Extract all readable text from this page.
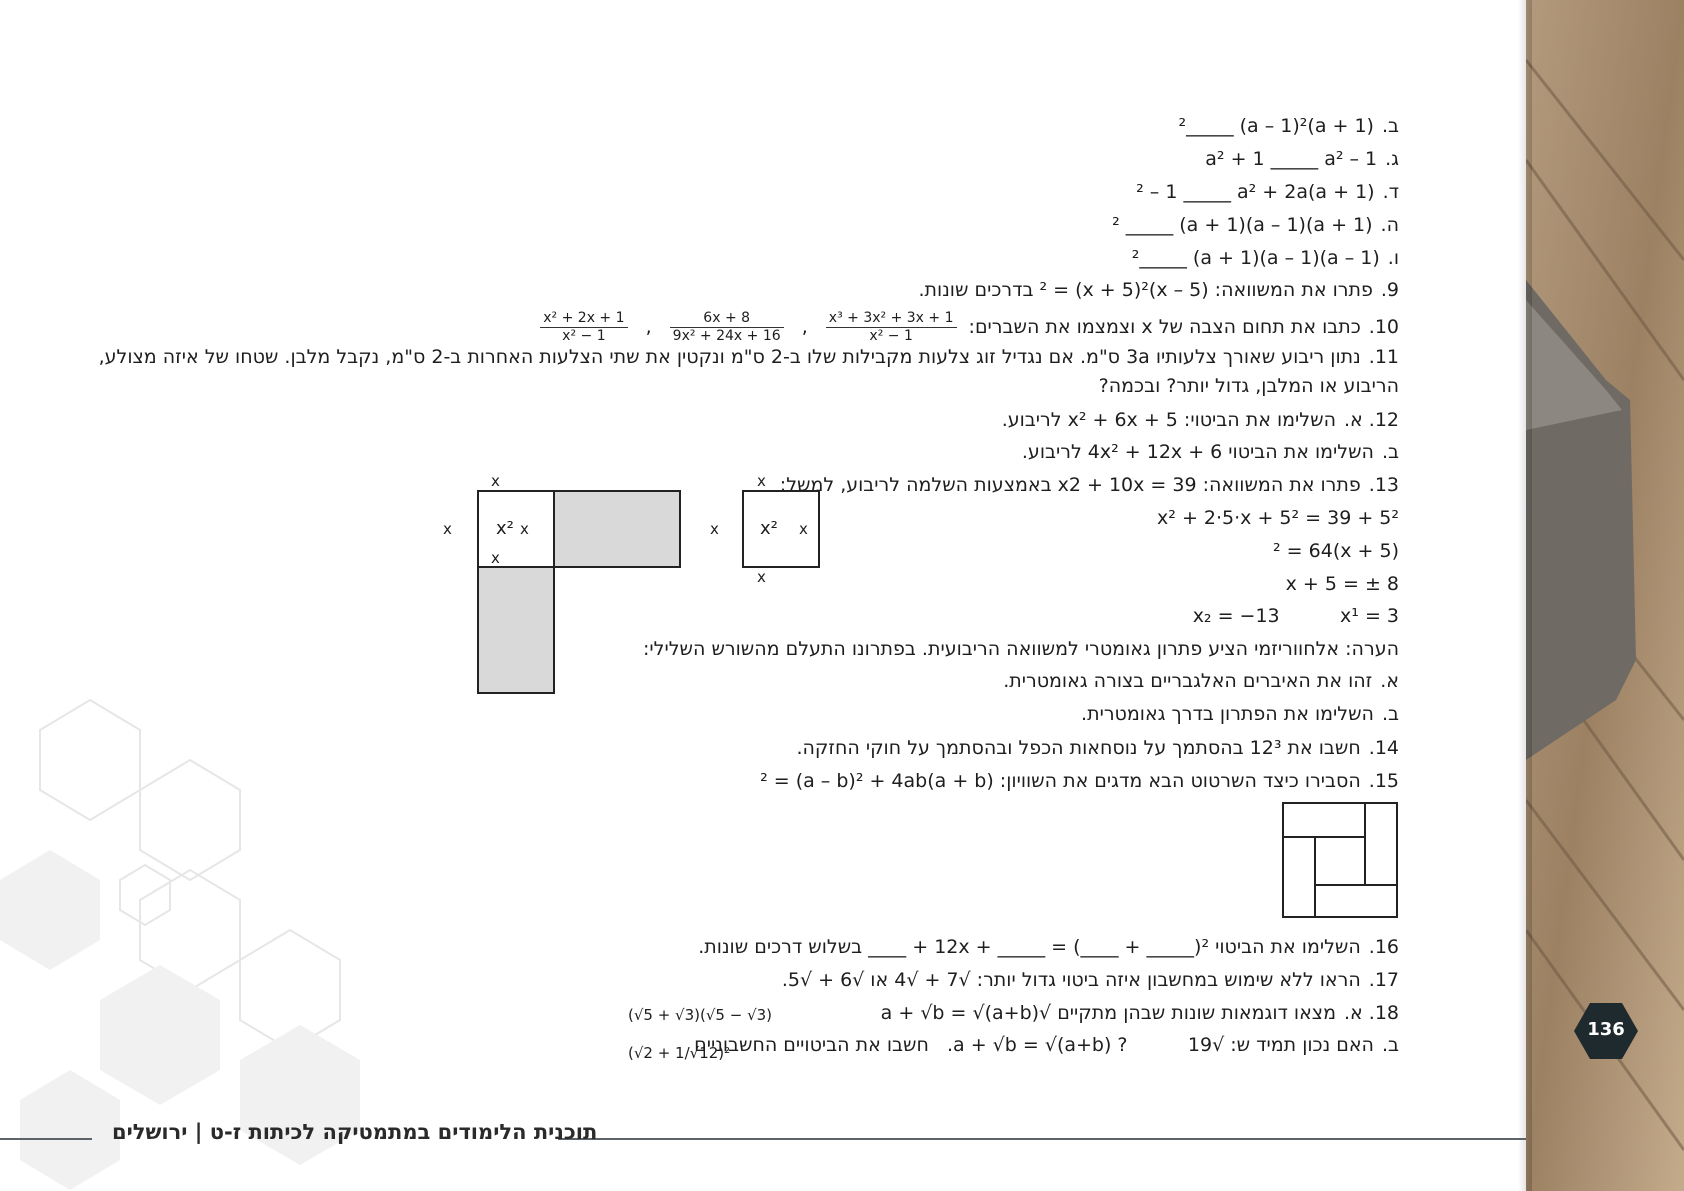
ב.(a + 1)²_____ (a – 1)²
ג.a² + 1 _____ a² – 1
ד.(a + 1)² – 1 _____ a² + 2a
ה.(a + 1)² _____ (a + 1)(a – 1)
ו.(a – 1)²_____ (a + 1)(a – 1)
9.פתרו את המשוואה: (x – 5)² = (x + 5)² בדרכים שונות.
10.כתבו את תחום הצבה של x וצמצמו את השברים:
$\frac{\text{x³ + 3x² + 3x + 1}}{\text{x² − 1}}$
,
$\frac{6x + 8}{\text{9x² + 24x + 16}}$
,
$\frac{\text{x² + 2x + 1}}{\text{x² − 1}}$
11.נתון ריבוע שאורך צלעותיו 3a ס"מ. אם נגדיל זוג צלעות מקבילות שלו ב-2 ס"מ ונקטין את שתי הצלעות האחרות ב-2 ס"מ, נקבל מלבן. שטחו של איזה מצולע,
הריבוע או המלבן, גדול יותר? ובכמה?
12. א.השלימו את הביטוי: x² + 6x + 5 לריבוע.
ב.השלימו את הביטוי 4x² + 12x + 6 לריבוע.
13.פתרו את המשוואה: x2 + 10x = 39 באמצעות השלמה לריבוע, למשל:
x² + 2·5·x + 5² = 39 + 5²
(x + 5)² = 64
x + 5 = ± 8
x₂ = −13          x¹ = 3
הערה: אלחווריזמי הציע פתרון גאומטרי למשוואה הריבועית. בפתרונו התעלם מהשורש השלילי:
א.זהו את האיברים האלגבריים בצורה גאומטרית.
ב.השלימו את הפתרון בדרך גאומטרית.
14.חשבו את 12³ בהסתמך על נוסחאות הכפל ובהסתמך על חוקי החזקה.
15.הסבירו כיצד השרטוט הבא מדגים את השוויון: (a + b)² = (a – b)² + 4ab
16.השלימו את הביטוי ²(_____ + ____) = _____ + 12x + ____ בשלוש דרכים שונות.
17.הראו ללא שימוש במחשבון איזה ביטוי גדול יותר: √7 + √4 או √6 + √5.
18. א.מצאו דוגמאות שונות שבהן מתקיים √a + √b = √(a+b)
ב.האם נכון תמיד ש: √a + √b = √(a+b) ?          19.   חשבו את הביטויים החשבוניים
(√5 + √3)(√5 − √3)
(√2 + 1/√12)²
x²
x
x
x	x
x²
x
x	x
x
תוכנית הלימודים במתמטיקה לכיתות ז-ט | ירושלים
136
